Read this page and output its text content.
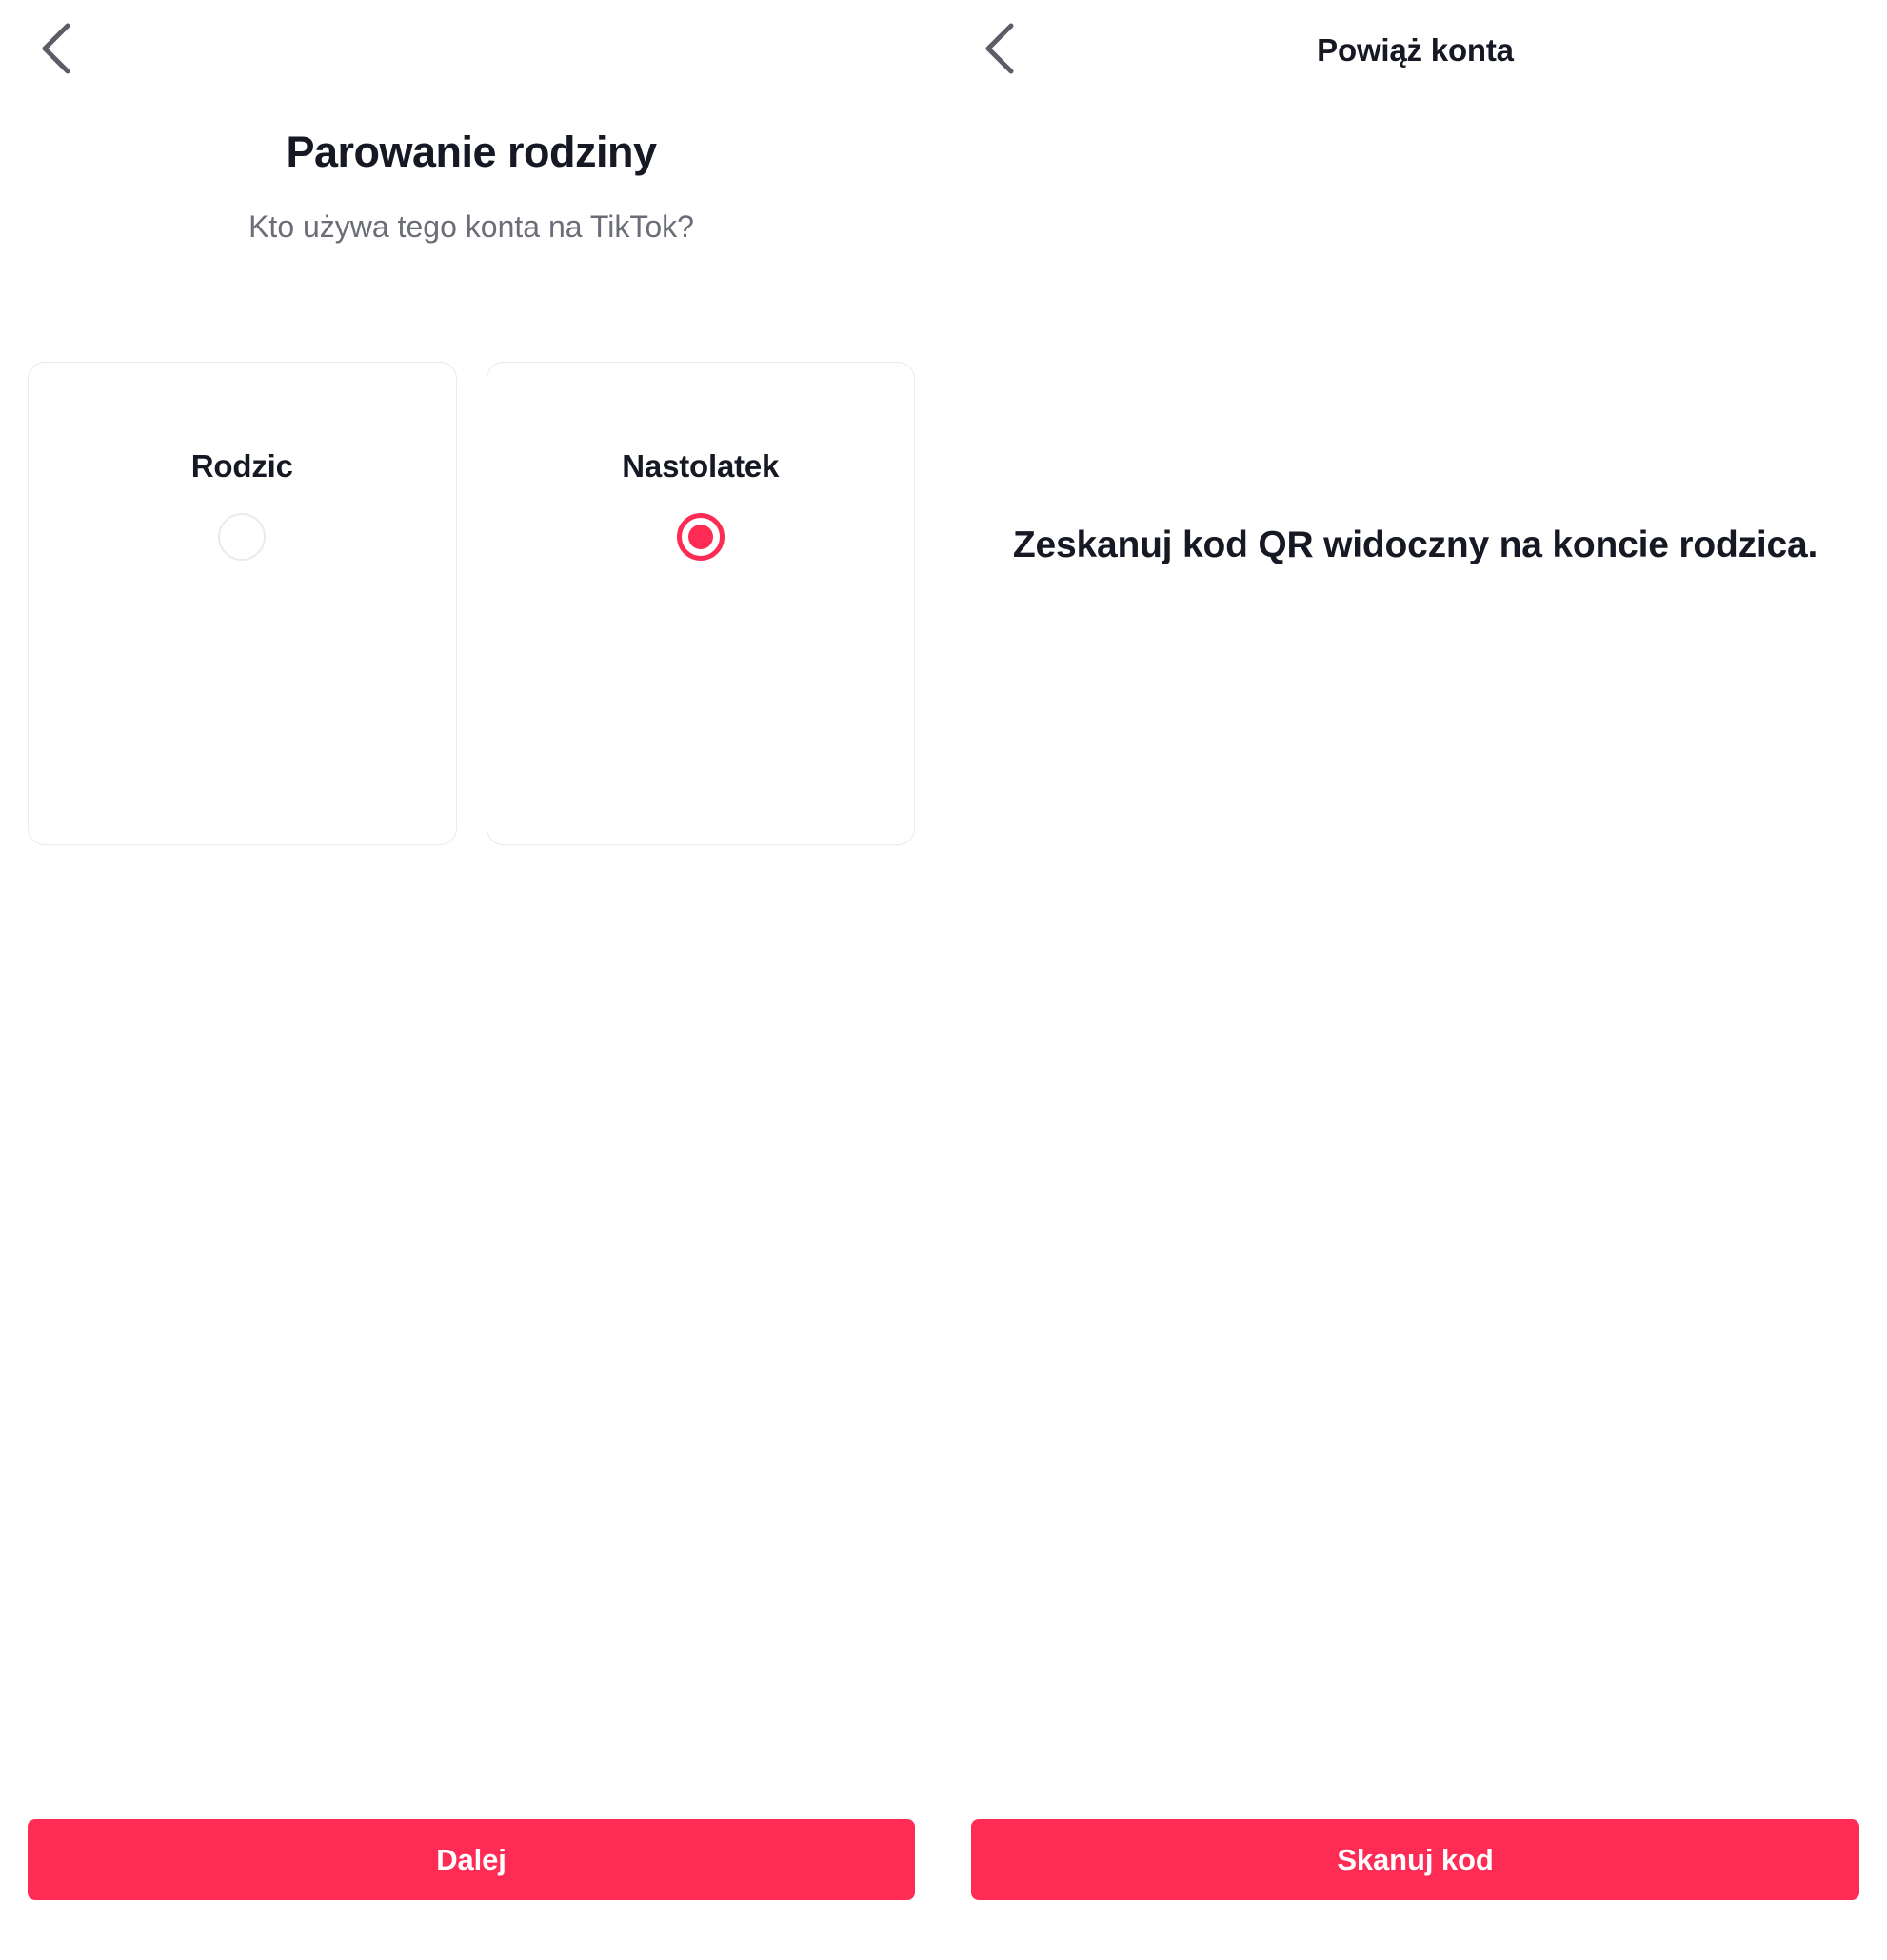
Parowanie rodziny

Kto używa tego konta na TikTok?

Rodzic	Nastolatek
Dalej
Powiąż konta

Zeskanuj kod QR widoczny na koncie rodzica.

Skanuj kod
